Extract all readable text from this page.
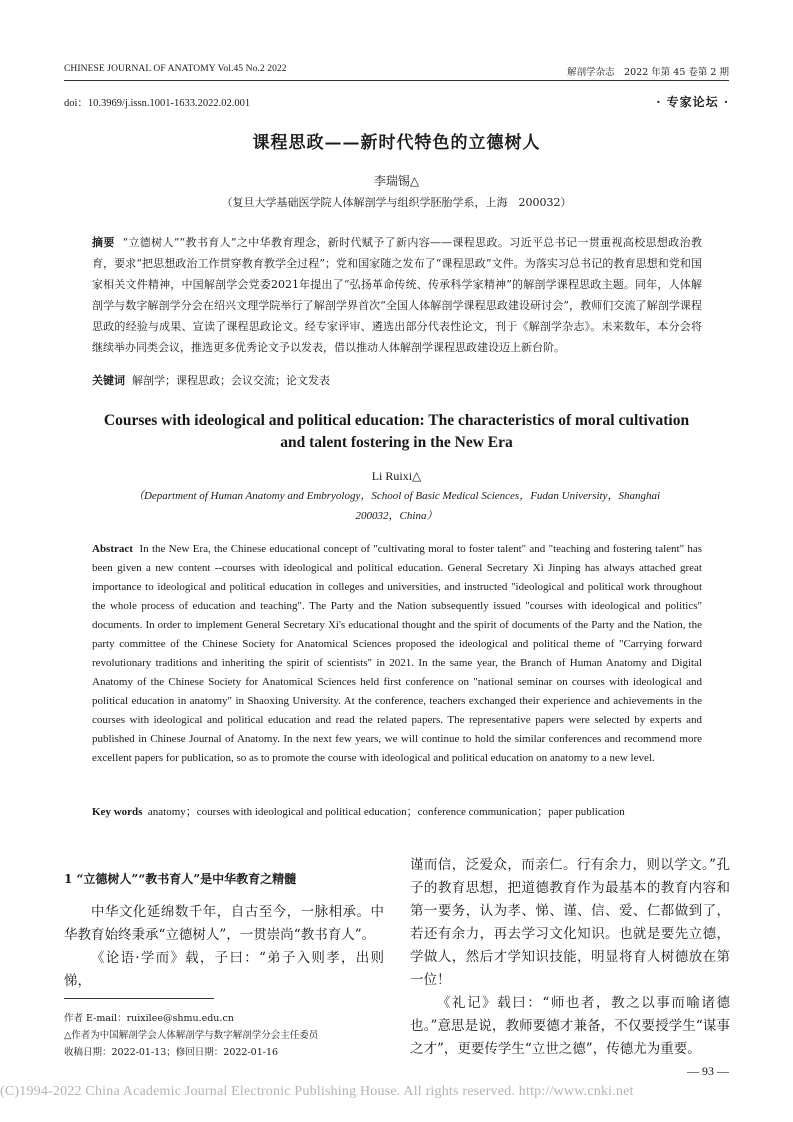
CHINESE JOURNAL OF ANATOMY Vol.45 No.2 2022	解剖学杂志　2022 年第 45 卷第 2 期
doi：10.3969/j.issn.1001-1633.2022.02.001	· 专家论坛 ·
课程思政——新时代特色的立德树人
李瑞锡△
（复旦大学基础医学院人体解剖学与组织学胚胎学系，上海　200032）
摘要 “立德树人”“教书育人”之中华教育理念，新时代赋予了新内容——课程思政。习近平总书记一贯重视高校思想政治教育，要求“把思想政治工作贯穿教育教学全过程”；党和国家随之发布了“课程思政”文件。为落实习总书记的教育思想和党和国家相关文件精神，中国解剖学会党委2021年提出了“弘扬革命传统、传承科学家精神”的解剖学课程思政主题。同年，人体解剖学与数字解剖学分会在绍兴文理学院举行了解剖学界首次“全国人体解剖学课程思政建设研讨会”，教师们交流了解剖学课程思政的经验与成果、宣读了课程思政论文。经专家评审、遴选出部分代表性论文，刊于《解剖学杂志》。未来数年，本分会将继续举办同类会议，推选更多优秀论文予以发表，借以推动人体解剖学课程思政建设迈上新台阶。
关键词 解剖学；课程思政；会议交流；论文发表
Courses with ideological and political education: The characteristics of moral cultivation and talent fostering in the New Era
Li Ruixi△
（Department of Human Anatomy and Embryology，School of Basic Medical Sciences，Fudan University，Shanghai　200032，China）
Abstract In the New Era, the Chinese educational concept of "cultivating moral to foster talent" and "teaching and fostering talent" has been given a new content --courses with ideological and political education. General Secretary Xi Jinping has always attached great importance to ideological and political education in colleges and universities, and instructed "ideological and political work throughout the whole process of education and teaching". The Party and the Nation subsequently issued "courses with ideological and politics" documents. In order to implement General Secretary Xi's educational thought and the spirit of documents of the Party and the Nation, the party committee of the Chinese Society for Anatomical Sciences proposed the ideological and political theme of "Carrying forward revolutionary traditions and inheriting the spirit of scientists" in 2021. In the same year, the Branch of Human Anatomy and Digital Anatomy of the Chinese Society for Anatomical Sciences held first conference on "national seminar on courses with ideological and political education in anatomy" in Shaoxing University. At the conference, teachers exchanged their experience and achievements in the courses with ideological and political education and read the related papers. The representative papers were selected by experts and published in Chinese Journal of Anatomy. In the next few years, we will continue to hold the similar conferences and recommend more excellent papers for publication, so as to promote the course with ideological and political education on anatomy to a new level.
Key words anatomy；courses with ideological and political education；conference communication；paper publication
1 “立德树人”“教书育人”是中华教育之精髓

中华文化延绵数千年，自古至今，一脉相承。中华教育始终秉承“立德树人”，一贯崇尚“教书育人”。

《论语·学而》载，子曰：“弟子入则孝，出则悌，

谨而信，泛爱众，而亲仁。行有余力，则以学文。”孔子的教育思想，把道德教育作为最基本的教育内容和第一要务，认为孝、悌、谨、信、爱、仁都做到了，若还有余力，再去学习文化知识。也就是要先立德，学做人，然后才学知识技能，明显将育人树德放在第一位！

《礼记》载曰：“师也者，教之以事而喻诸德也。”意思是说，教师要德才兼备，不仅要授学生“谋事之才”，更要传学生“立世之德”，传德尤为重要。

作者 E-mail：ruixilee@shmu.edu.cn
△作者为中国解剖学会人体解剖学与数字解剖学分会主任委员
收稿日期：2022-01-13；修回日期：2022-01-16
— 93 —
(C)1994-2022 China Academic Journal Electronic Publishing House. All rights reserved. http://www.cnki.net
